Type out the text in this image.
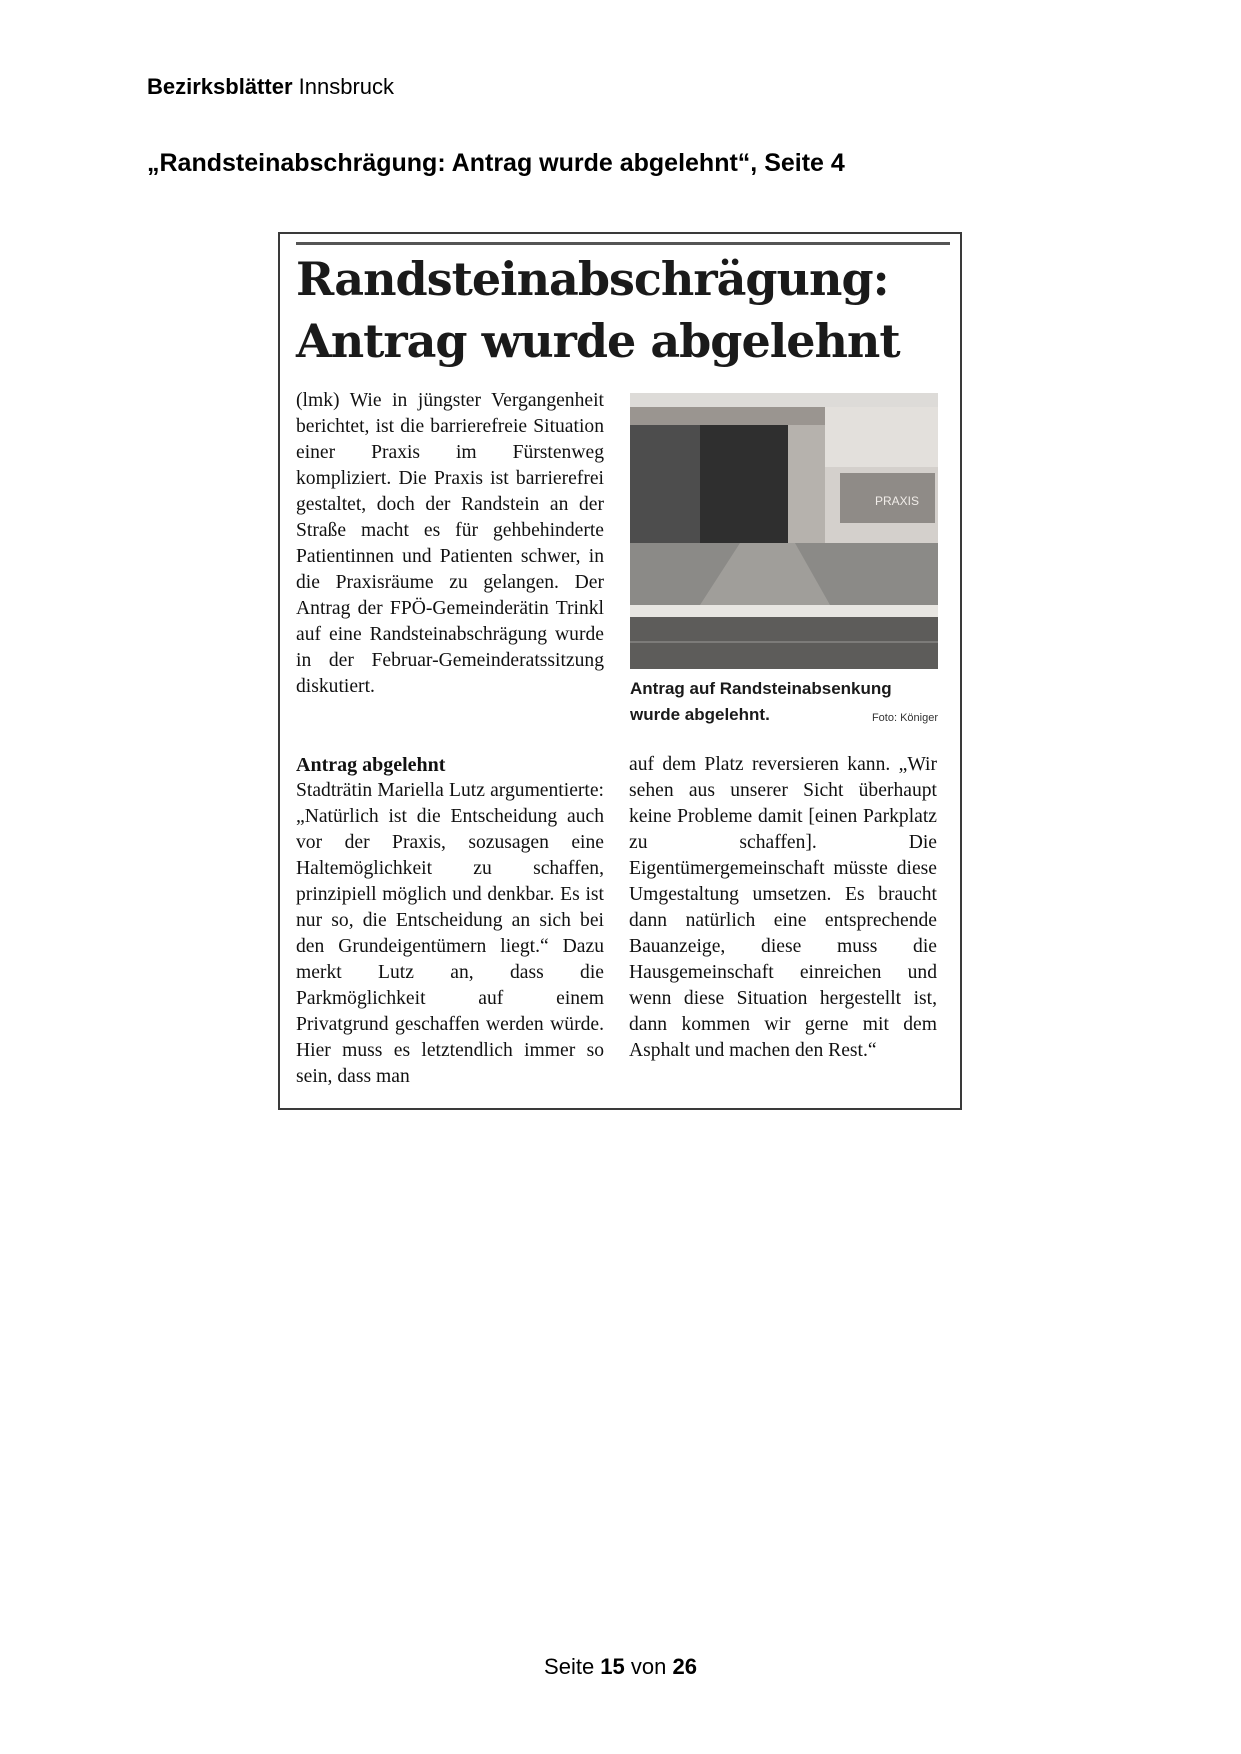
Bezirksblätter Innsbruck
„Randsteinabschrägung: Antrag wurde abgelehnt“, Seite 4
Randsteinabschrägung:
Antrag wurde abgelehnt
(lmk) Wie in jüngster Vergangenheit berichtet, ist die barrierefreie Situation einer Praxis im Fürstenweg kompliziert. Die Praxis ist barrierefrei gestaltet, doch der Randstein an der Straße macht es für gehbehinderte Patientinnen und Patienten schwer, in die Praxisräume zu gelangen. Der Antrag der FPÖ-Gemeinderätin Trinkl auf eine Randsteinabschrägung wurde in der Februar-Gemeinderatssitzung diskutiert.
PRAXIS
Antrag auf Randsteinabsenkung wurde abgelehnt.	Foto: Königer
Antrag abgelehnt
Stadträtin Mariella Lutz argumentierte: „Natürlich ist die Entscheidung auch vor der Praxis, sozusagen eine Haltemöglichkeit zu schaffen, prinzipiell möglich und denkbar. Es ist nur so, die Entscheidung an sich bei den Grundeigentümern liegt.“ Dazu merkt Lutz an, dass die Parkmöglichkeit auf einem Privatgrund geschaffen werden würde. Hier muss es letztendlich immer so sein, dass man
auf dem Platz reversieren kann. „Wir sehen aus unserer Sicht überhaupt keine Probleme damit [einen Parkplatz zu schaffen]. Die Eigentümergemeinschaft müsste diese Umgestaltung umsetzen. Es braucht dann natürlich eine entsprechende Bauanzeige, diese muss die Hausgemeinschaft einreichen und wenn diese Situation hergestellt ist, dann kommen wir gerne mit dem Asphalt und machen den Rest.“
Seite 15 von 26
